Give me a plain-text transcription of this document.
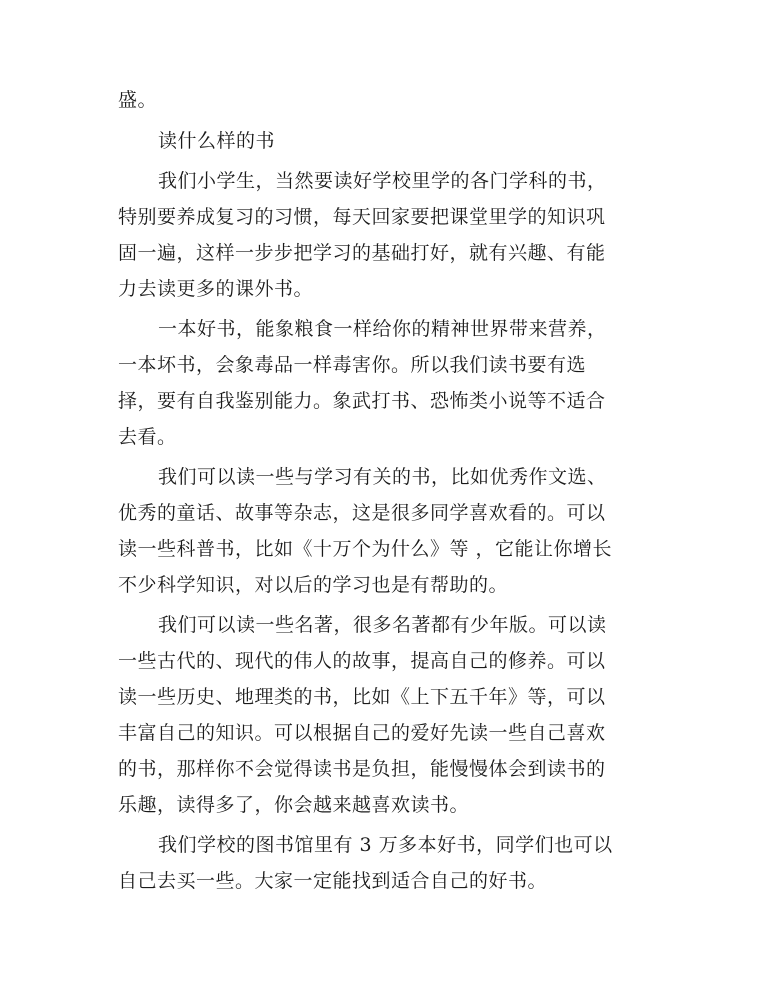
盛。
读什么样的书
我们小学生，当然要读好学校里学的各门学科的书，
特别要养成复习的习惯，每天回家要把课堂里学的知识巩
固一遍，这样一步步把学习的基础打好，就有兴趣、有能
力去读更多的课外书。
一本好书，能象粮食一样给你的精神世界带来营养，
一本坏书，会象毒品一样毒害你。所以我们读书要有选
择，要有自我鉴别能力。象武打书、恐怖类小说等不适合
去看。
我们可以读一些与学习有关的书，比如优秀作文选、
优秀的童话、故事等杂志，这是很多同学喜欢看的。可以
读一些科普书，比如《十万个为什么》等 ，它能让你增长
不少科学知识，对以后的学习也是有帮助的。
我们可以读一些名著，很多名著都有少年版。可以读
一些古代的、现代的伟人的故事，提高自己的修养。可以
读一些历史、地理类的书，比如《上下五千年》等，可以
丰富自己的知识。可以根据自己的爱好先读一些自己喜欢
的书，那样你不会觉得读书是负担，能慢慢体会到读书的
乐趣，读得多了，你会越来越喜欢读书。
我们学校的图书馆里有 3 万多本好书，同学们也可以
自己去买一些。大家一定能找到适合自己的好书。
